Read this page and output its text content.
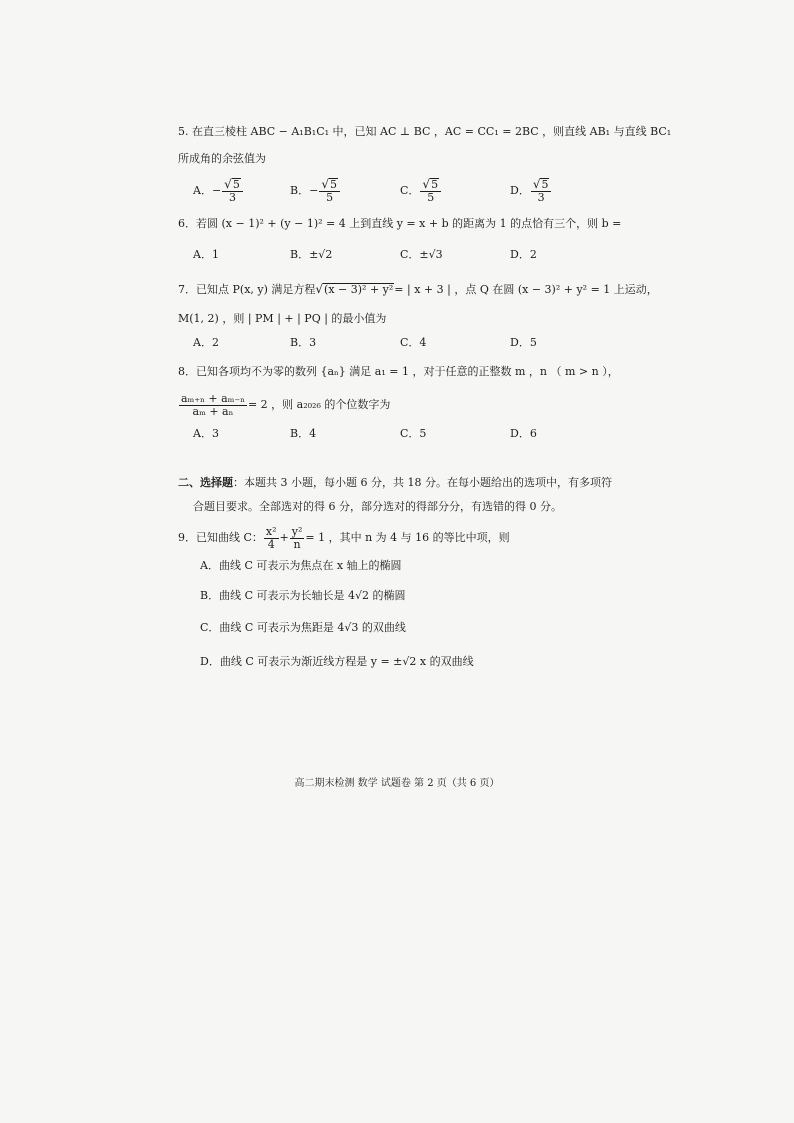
5. 在直三棱柱 ABC − A₁B₁C₁ 中，已知 AC ⊥ BC ，AC = CC₁ = 2BC ，则直线 AB₁ 与直线 BC₁
所成角的余弦值为
A．− $\frac{√5}{3}$	B．− $\frac{√5}{5}$	C． $\frac{√5}{5}$	D． $\frac{√5}{3}$
6．若圆 (x − 1)² + (y − 1)² = 4 上到直线 y = x + b 的距离为 1 的点恰有三个，则 b =
A．1	B．±√2	C．±√3	D．2
7．已知点 P(x, y) 满足方程√(x − 3)² + y²= | x + 3 | ，点 Q 在圆 (x − 3)² + y² = 1 上运动，
M(1, 2) ，则 | PM | + | PQ | 的最小值为
A．2	B．3	C．4	D．5
8．已知各项均不为零的数列 {aₙ} 满足 a₁ = 1 ，对于任意的正整数 m ，n （ m > n ），
$\frac{\text{aₘ₊ₙ + aₘ₋ₙ}}{\text{aₘ + aₙ}} = 2$ ，则 a₂₀₂₆ 的个位数字为
A．3	B．4	C．5	D．6
二、选择题：本题共 3 小题，每小题 6 分，共 18 分。在每小题给出的选项中，有多项符
合题目要求。全部选对的得 6 分，部分选对的得部分分，有选错的得 0 分。
9．已知曲线 C： $\frac{\text{x²}}{4} + \frac{\text{y²}}{n} = 1$ ，其中 n 为 4 与 16 的等比中项，则
A．曲线 C 可表示为焦点在 x 轴上的椭圆
B．曲线 C 可表示为长轴长是 4√2 的椭圆
C．曲线 C 可表示为焦距是 4√3 的双曲线
D．曲线 C 可表示为渐近线方程是 y = ±√2 x 的双曲线
高二期末检测 数学 试题卷 第 2 页（共 6 页）
